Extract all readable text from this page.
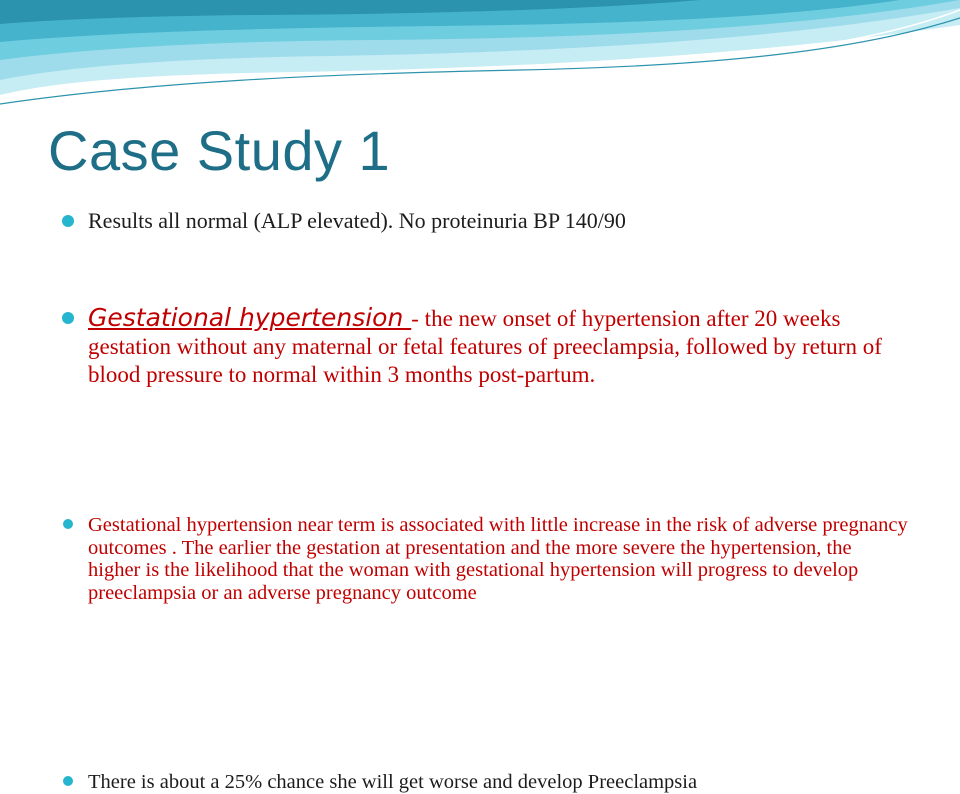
Case Study 1

Results all normal (ALP elevated). No proteinuria BP 140/90

Gestational hypertension - the new onset of hypertension after 20 weeks gestation without any maternal or fetal features of preeclampsia, followed by return of blood pressure to normal within 3 months post-partum.

Gestational hypertension near term is associated with little increase in the risk of adverse pregnancy outcomes . The earlier the gestation at presentation and the more severe the hypertension, the higher is the likelihood that the woman with gestational hypertension will progress to develop preeclampsia or an adverse pregnancy outcome

There is about a 25% chance she will get worse and develop Preeclampsia
